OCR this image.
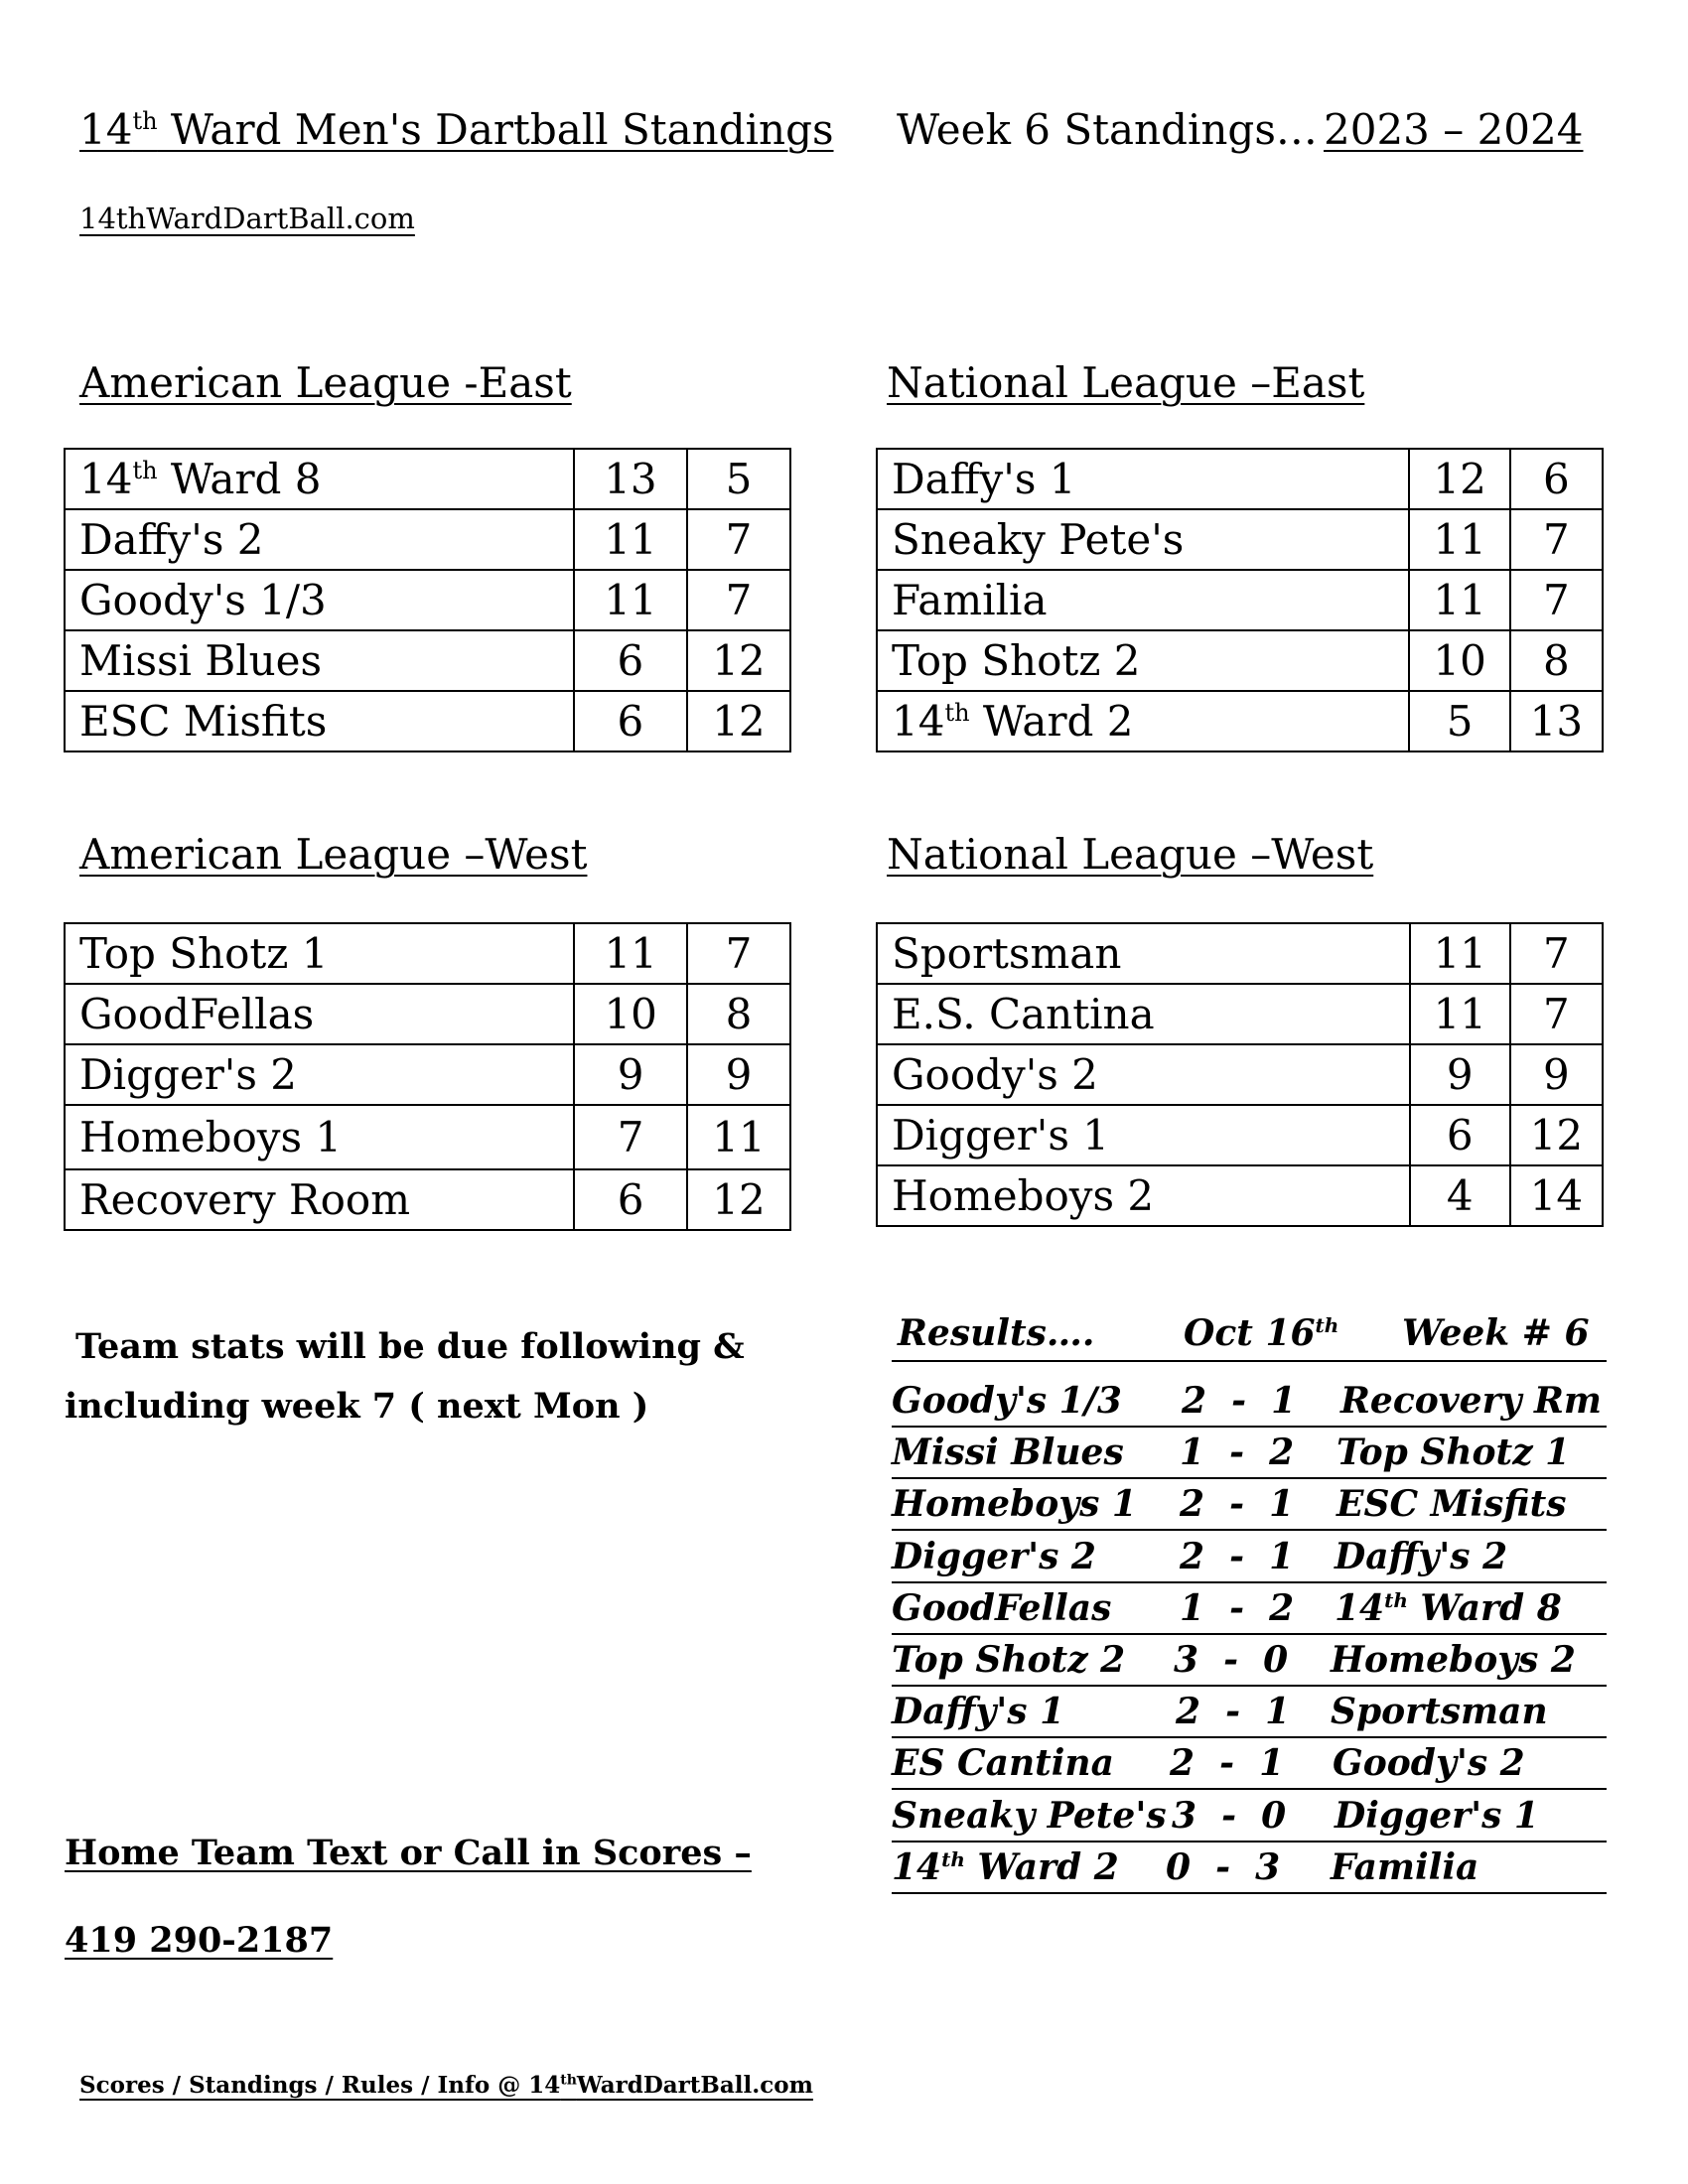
14th Ward Men's Dartball Standings Week 6 Standings… 2023 – 2024
14thWardDartBall.com
American League -East	National League –East
American League –West	National League –West
14th Ward 8	13	5
Daffy's 2	11	7
Goody's 1/3	11	7
Missi Blues	6	12
ESC Misfits	6	12
Daffy's 1	12	6
Sneaky Pete's	11	7
Familia	11	7
Top Shotz 2	10	8
14th Ward 2	5	13
Top Shotz 1	11	7
GoodFellas	10	8
Digger's 2	9	9
Homeboys 1	7	11
Recovery Room	6	12
Sportsman	11	7
E.S. Cantina	11	7
Goody's 2	9	9
Digger's 1	6	12
Homeboys 2	4	14
Team stats will be due following &
including week 7 ( next Mon )
Home Team Text or Call in Scores –
419 290-2187
Results…. Oct 16th Week # 6
Goody's 1/3 2  -  1 Recovery Rm
Missi Blues 1  -  2 Top Shotz 1
Homeboys 1 2  -  1 ESC Misfits
Digger's 2 2  -  1 Daffy's 2
GoodFellas 1  -  2 14th Ward 8
Top Shotz 2 3  -  0 Homeboys 2
Daffy's 1	2  -  1 Sportsman
ES Cantina 2  -  1 Goody's 2
Sneaky Pete's 3  -  0 Digger's 1
14th Ward 2 0  -  3 Familia
Scores / Standings / Rules / Info @ 14thWardDartBall.com
